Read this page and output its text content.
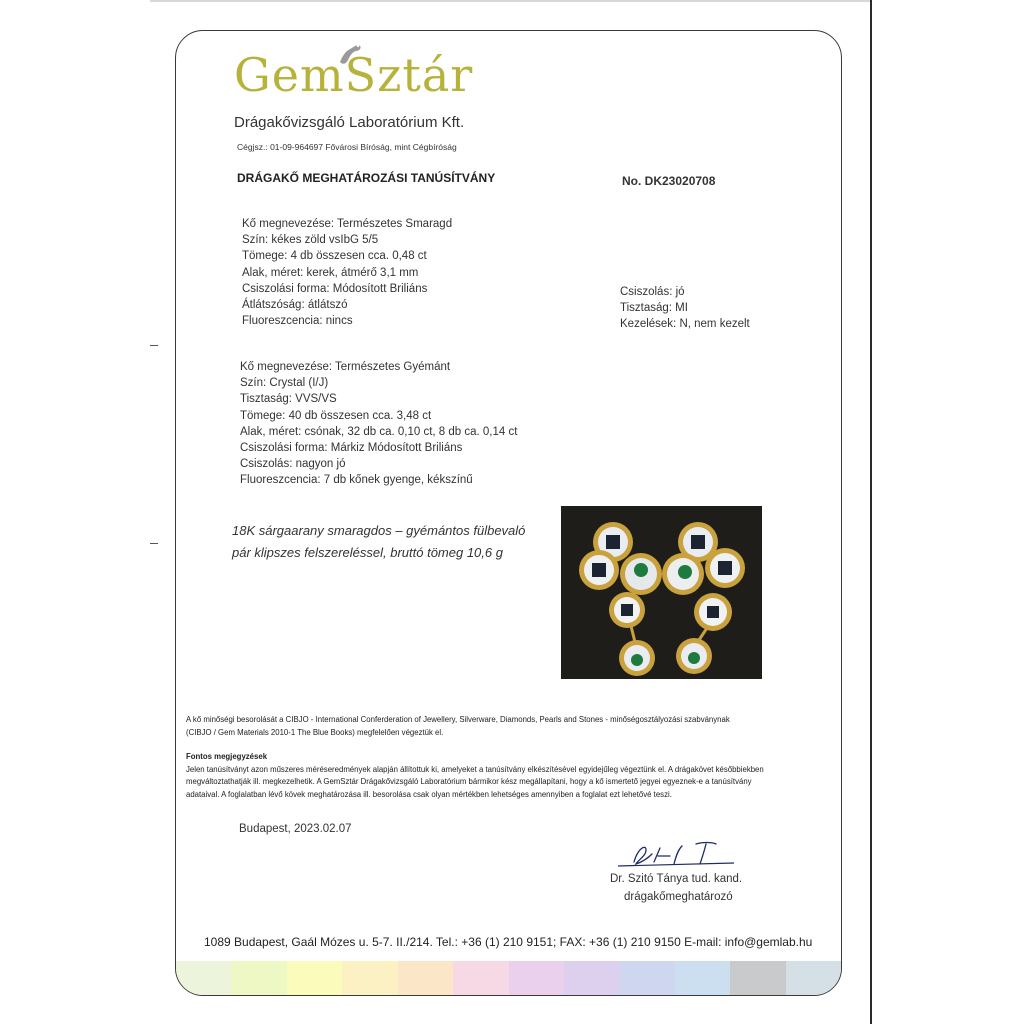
GemSztár
Drágakővizsgáló Laboratórium Kft.
Cégjsz.: 01-09-964697 Fővárosi Bíróság, mint Cégbíróság
DRÁGAKŐ MEGHATÁROZÁSI TANÚSÍTVÁNY	No. DK23020708
Kő megnevezése: Természetes Smaragd
Szín: kékes zöld vsIbG 5/5
Tömege: 4 db összesen cca. 0,48 ct
Alak, méret: kerek, átmérő 3,1 mm
Csiszolási forma: Módosított Briliáns
Átlátszóság: átlátszó
Fluoreszcencia: nincs
Csiszolás: jó
Tisztaság: MI
Kezelések: N, nem kezelt
Kő megnevezése: Természetes Gyémánt
Szín: Crystal (I/J)
Tisztaság: VVS/VS
Tömege: 40 db összesen cca. 3,48 ct
Alak, méret: csónak, 32 db ca. 0,10 ct, 8 db ca. 0,14 ct
Csiszolási forma: Márkiz Módosított Briliáns
Csiszolás: nagyon jó
Fluoreszcencia: 7 db kőnek gyenge, kékszínű
18K sárgaarany smaragdos – gyémántos fülbevaló
pár klipszes felszereléssel, bruttó tömeg 10,6 g
A kő minőségi besorolását a CIBJO - International Conferderation of Jewellery, Silverware, Diamonds, Pearls and Stones - minőségosztályozási szabványnak
(CIBJO / Gem Materials 2010-1 The Blue Books) megfelelően végeztük el.
Fontos megjegyzések
Jelen tanúsítványt azon műszeres méréseredmények alapján állítottuk ki, amelyeket a tanúsítvány elkészítésével egyidejűleg végeztünk el. A drágakövet későbbiekben
megváltoztathatják ill. megkezelhetik. A GemSztár Drágakővizsgáló Laboratórium bármikor kész megállapítani, hogy a kő ismertető jegyei egyeznek-e a tanúsítvány
adataival. A foglalatban lévő kövek meghatározása ill. besorolása csak olyan mértékben lehetséges amennyiben a foglalat ezt lehetővé teszi.
Budapest, 2023.02.07
Dr. Szitó Tánya tud. kand.
drágakőmeghatározó
1089 Budapest, Gaál Mózes u. 5-7. II./214. Tel.: +36 (1) 210 9151; FAX: +36 (1) 210 9150 E-mail: info@gemlab.hu
